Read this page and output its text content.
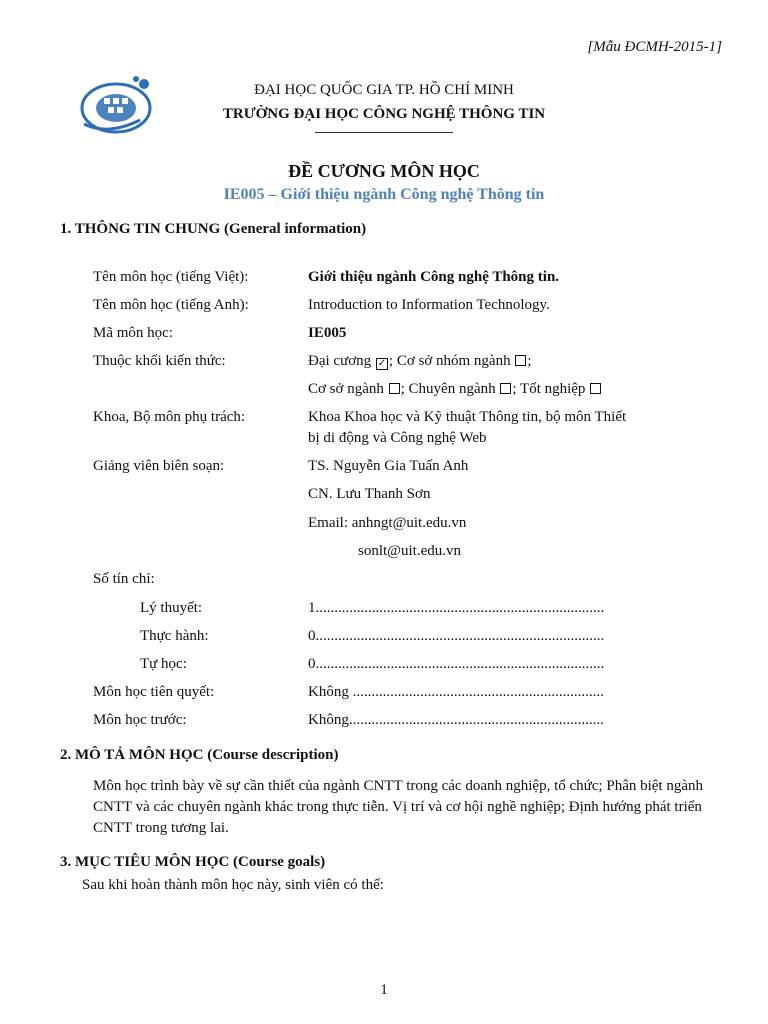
[Mẫu ĐCMH-2015-1]
ĐẠI HỌC QUỐC GIA TP. HỒ CHÍ MINH
TRƯỜNG ĐẠI HỌC CÔNG NGHỆ THÔNG TIN
ĐỀ CƯƠNG MÔN HỌC
IE005 – Giới thiệu ngành Công nghệ Thông tin
1. THÔNG TIN CHUNG (General information)
Tên môn học (tiếng Việt):	Giới thiệu ngành Công nghệ Thông tin.
Tên môn học (tiếng Anh):	Introduction to Information Technology.
Mã môn học:	IE005
Thuộc khối kiến thức:	Đại cương ✓ ; Cơ sở nhóm ngành ;
Cơ sở ngành ; Chuyên ngành ; Tốt nghiệp
Khoa, Bộ môn phụ trách:	Khoa Khoa học và Kỹ thuật Thông tin, bộ môn Thiết
bị di động và Công nghệ Web
Giảng viên biên soạn:	TS. Nguyễn Gia Tuấn Anh
CN. Lưu Thanh Sơn
Email: anhngt@uit.edu.vn
sonlt@uit.edu.vn
Số tín chỉ:
Lý thuyết:	1.............................................................................
Thực hành:	0.............................................................................
Tự học:	0.............................................................................
Môn học tiên quyết:	Không ...................................................................
Môn học trước:	Không....................................................................
2. MÔ TẢ MÔN HỌC (Course description)
Môn học trình bày về sự cần thiết của ngành CNTT trong các doanh nghiệp, tổ chức; Phân biệt ngành CNTT và các chuyên ngành khác trong thực tiễn. Vị trí và cơ hội nghề nghiệp; Định hướng phát triển CNTT trong tương lai.
3. MỤC TIÊU MÔN HỌC (Course goals)
Sau khi hoàn thành môn học này, sinh viên có thể:
1
